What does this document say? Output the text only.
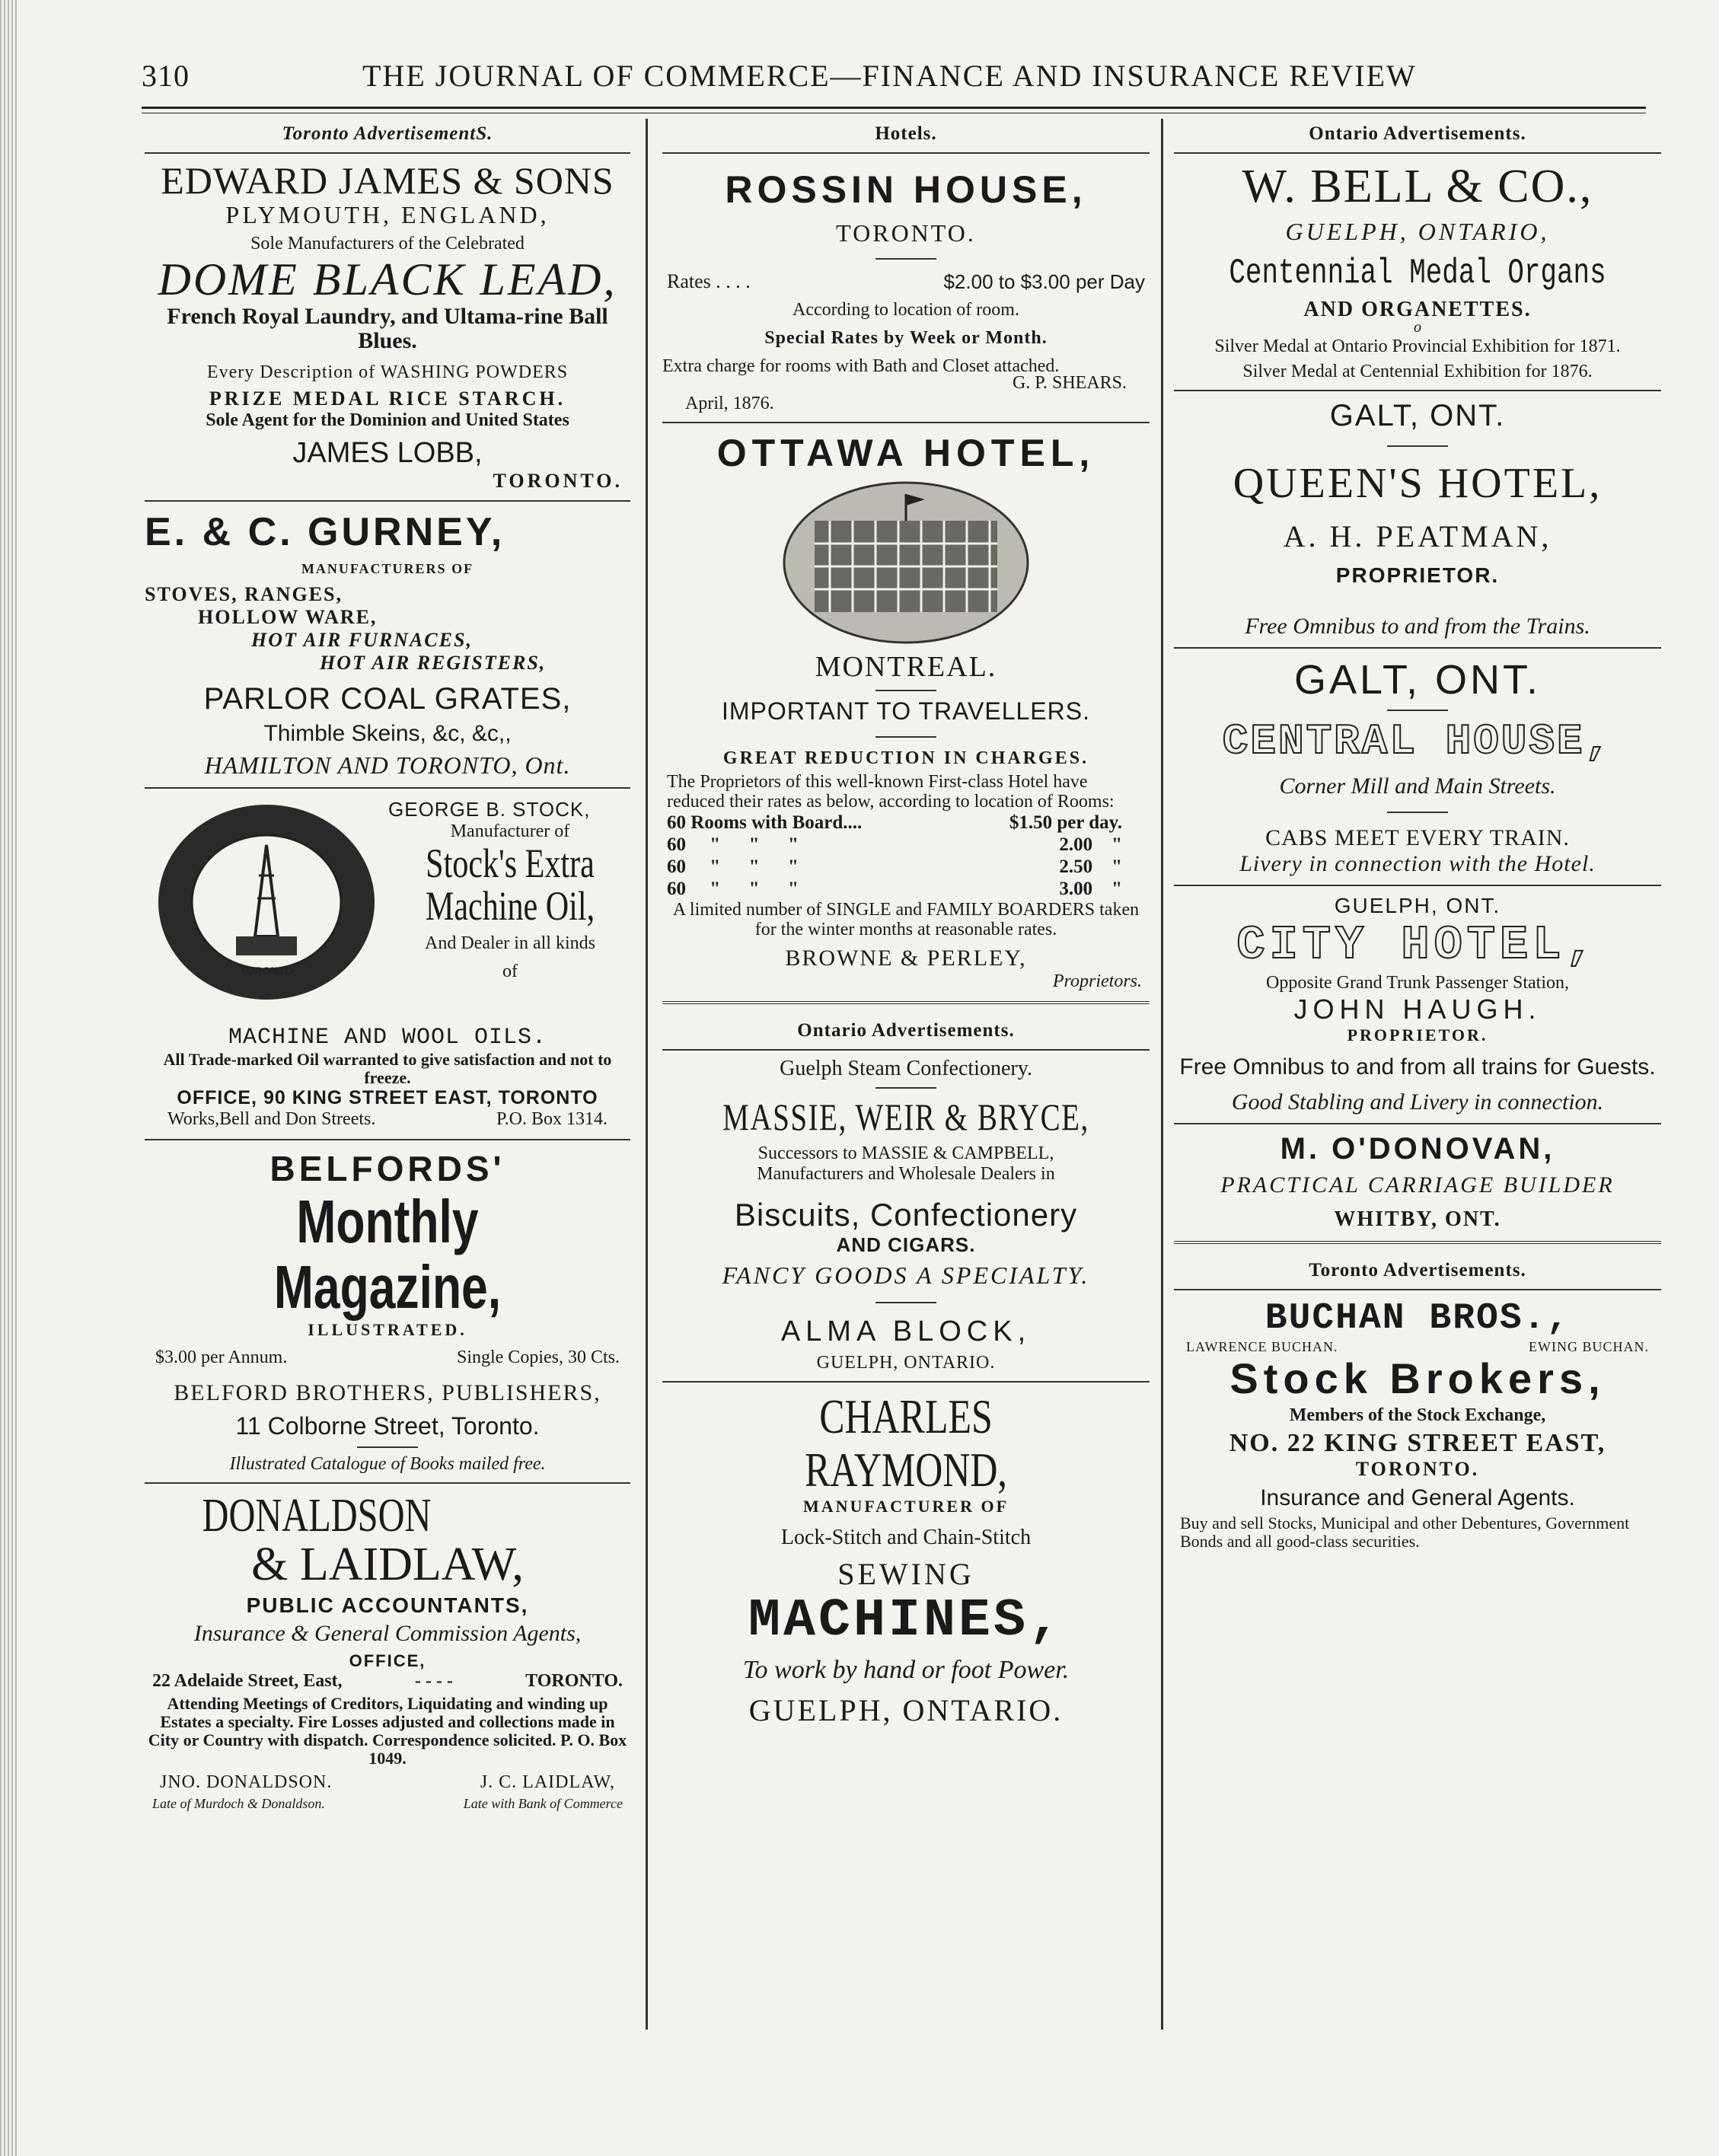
310	THE JOURNAL OF COMMERCE—FINANCE AND INSURANCE REVIEW
Toronto AdvertisementS.
EDWARD JAMES & SONS
PLYMOUTH, ENGLAND,
Sole Manufacturers of the Celebrated
DOME BLACK LEAD,
French Royal Laundry, and Ultama-rine Ball Blues.
Every Description of WASHING POWDERS
PRIZE MEDAL RICE STARCH.
Sole Agent for the Dominion and United States
JAMES LOBB,
TORONTO.
E. & C. GURNEY,
MANUFACTURERS OF
STOVES, RANGES,
HOLLOW WARE,
HOT AIR FURNACES,
HOT AIR REGISTERS,
PARLOR COAL GRATES,
Thimble Skeins, &c, &c,,
HAMILTON AND TORONTO, Ont.
TORONTO
GEORGE B. STOCK,
Manufacturer of
Stock's Extra
Machine Oil,
And Dealer in all kinds
of
MACHINE AND WOOL OILS.
All Trade-marked Oil warranted to give satisfaction and not to freeze.
OFFICE, 90 KING STREET EAST, TORONTO
Works,Bell and Don Streets.	P.O. Box 1314.
BELFORDS'
Monthly Magazine,
ILLUSTRATED.
$3.00 per Annum.	Single Copies, 30 Cts.
BELFORD BROTHERS, PUBLISHERS,
11 Colborne Street, Toronto.
Illustrated Catalogue of Books mailed free.
DONALDSON
& LAIDLAW,
PUBLIC ACCOUNTANTS,
Insurance & General Commission Agents,
OFFICE,
22 Adelaide Street, East,	- - - -	TORONTO.
Attending Meetings of Creditors, Liquidating and winding up Estates a specialty. Fire Losses adjusted and collections made in City or Country with dispatch. Correspondence solicited. P. O. Box 1049.
JNO. DONALDSON.	J. C. LAIDLAW,
Late of Murdoch & Donaldson.	Late with Bank of Commerce
Hotels.
ROSSIN HOUSE,
TORONTO.
Rates . . . .	$2.00 to $3.00 per Day
According to location of room.
Special Rates by Week or Month.
Extra charge for rooms with Bath and Closet attached.
G. P. SHEARS.
April, 1876.
OTTAWA HOTEL,
MONTREAL.
IMPORTANT TO TRAVELLERS.
GREAT REDUCTION IN CHARGES.
The Proprietors of this well-known First-class Hotel have reduced their rates as below, according to location of Rooms:
60 Rooms with Board....	$1.50 per day.
60     "      "      "	2.00    "
60     "      "      "	2.50    "
60     "      "      "	3.00    "
A limited number of SINGLE and FAMILY BOARDERS taken for the winter months at reasonable rates.
BROWNE & PERLEY,
Proprietors.
Ontario Advertisements.
Guelph Steam Confectionery.
MASSIE, WEIR & BRYCE,
Successors to MASSIE & CAMPBELL,
Manufacturers and Wholesale Dealers in
Biscuits, Confectionery
AND CIGARS.
FANCY GOODS A SPECIALTY.
ALMA BLOCK,
GUELPH, ONTARIO.
CHARLES RAYMOND,
MANUFACTURER OF
Lock-Stitch and Chain-Stitch
SEWING
MACHINES,
To work by hand or foot Power.
GUELPH, ONTARIO.
Ontario Advertisements.
W. BELL & CO.,
GUELPH, ONTARIO,
Centennial Medal Organs
AND ORGANETTES.
o
Silver Medal at Ontario Provincial Exhibition for 1871.
Silver Medal at Centennial Exhibition for 1876.
GALT, ONT.
QUEEN'S HOTEL,
A. H. PEATMAN,
PROPRIETOR.
Free Omnibus to and from the Trains.
GALT, ONT.
CENTRAL HOUSE,
Corner Mill and Main Streets.
CABS MEET EVERY TRAIN.
Livery in connection with the Hotel.
GUELPH, ONT.
CITY HOTEL,
Opposite Grand Trunk Passenger Station,
JOHN HAUGH.
PROPRIETOR.
Free Omnibus to and from all trains for Guests.
Good Stabling and Livery in connection.
M. O'DONOVAN,
PRACTICAL CARRIAGE BUILDER
WHITBY, ONT.
Toronto Advertisements.
BUCHAN BROS.,
LAWRENCE BUCHAN.	EWING BUCHAN.
Stock Brokers,
Members of the Stock Exchange,
NO. 22 KING STREET EAST,
TORONTO.
Insurance and General Agents.
Buy and sell Stocks, Municipal and other Debentures, Government Bonds and all good-class securities.
